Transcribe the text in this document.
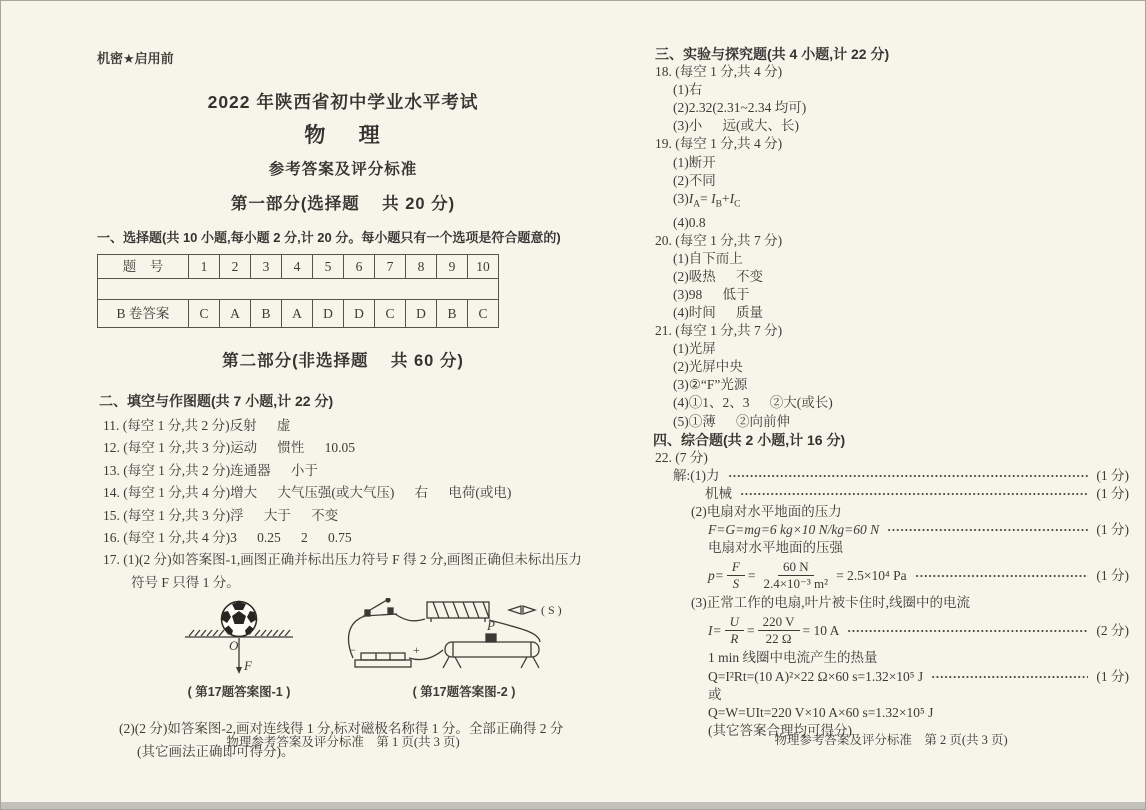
机密★启用前
2022 年陕西省初中学业水平考试
物    理
参考答案及评分标准
第一部分(选择题    共 20 分)
一、选择题(共 10 小题,每小题 2 分,计 20 分。每小题只有一个选项是符合题意的)
题    号	1	2	3	4	5	6	7	8	9	10

B 卷答案	C	A	B	A	D	D	C	D	B	C
第二部分(非选择题    共 60 分)
二、填空与作图题(共 7 小题,计 22 分)
11. (每空 1 分,共 2 分)反射      虚
12. (每空 1 分,共 3 分)运动      惯性      10.05
13. (每空 1 分,共 2 分)连通器      小于
14. (每空 1 分,共 4 分)增大      大气压强(或大气压)      右      电荷(或电)
15. (每空 1 分,共 3 分)浮      大于      不变
16. (每空 1 分,共 4 分)3      0.25      2      0.75
17. (1)(2 分)如答案图-1,画图正确并标出压力符号 F 得 2 分,画图正确但未标出压力
符号 F 只得 1 分。
O
F
( 第17题答案图-1 )
( S )
−	+
P
( 第17题答案图-2 )
(2)(2 分)如答案图-2,画对连线得 1 分,标对磁极名称得 1 分。全部正确得 2 分
(其它画法正确即可得分)。
三、实验与探究题(共 4 小题,计 22 分)
18. (每空 1 分,共 4 分)
(1)右
(2)2.32(2.31~2.34 均可)
(3)小      远(或大、长)
19. (每空 1 分,共 4 分)
(1)断开
(2)不同
$(3)I_A= I_B+I_C$
(4)0.8
20. (每空 1 分,共 7 分)
(1)自下而上
(2)吸热      不变
(3)98      低于
(4)时间      质量
21. (每空 1 分,共 7 分)
(1)光屏
(2)光屏中央
(3)②“F”光源
(4)①1、2、3      ②大(或长)
(5)①薄      ②向前伸
四、综合题(共 2 小题,计 16 分)
22. (7 分)
解:(1)力	(1 分)
机械	(1 分)
(2)电扇对水平地面的压力
F=G=mg=6 kg×10 N/kg=60 N	(1 分)
电扇对水平地面的压强
$p= \frac{F}{S} = \frac{60 N}{\text{2.4×10⁻³ m²}} = 2.5\times 10^4$ Pa	(1 分)
(3)正常工作的电扇,叶片被卡住时,线圈中的电流
$I= \frac{U}{R} = \frac{220 V}{22 \Omega} = 10$ A	(2 分)
1 min 线圈中电流产生的热量
Q=I²Rt=(10 A)²×22 Ω×60 s=1.32×10⁵ J	(1 分)
或
Q=W=UIt=220 V×10 A×60 s=1.32×10⁵ J
(其它答案合理均可得分)
物理参考答案及评分标准    第 1 页(共 3 页)	物理参考答案及评分标准    第 2 页(共 3 页)
